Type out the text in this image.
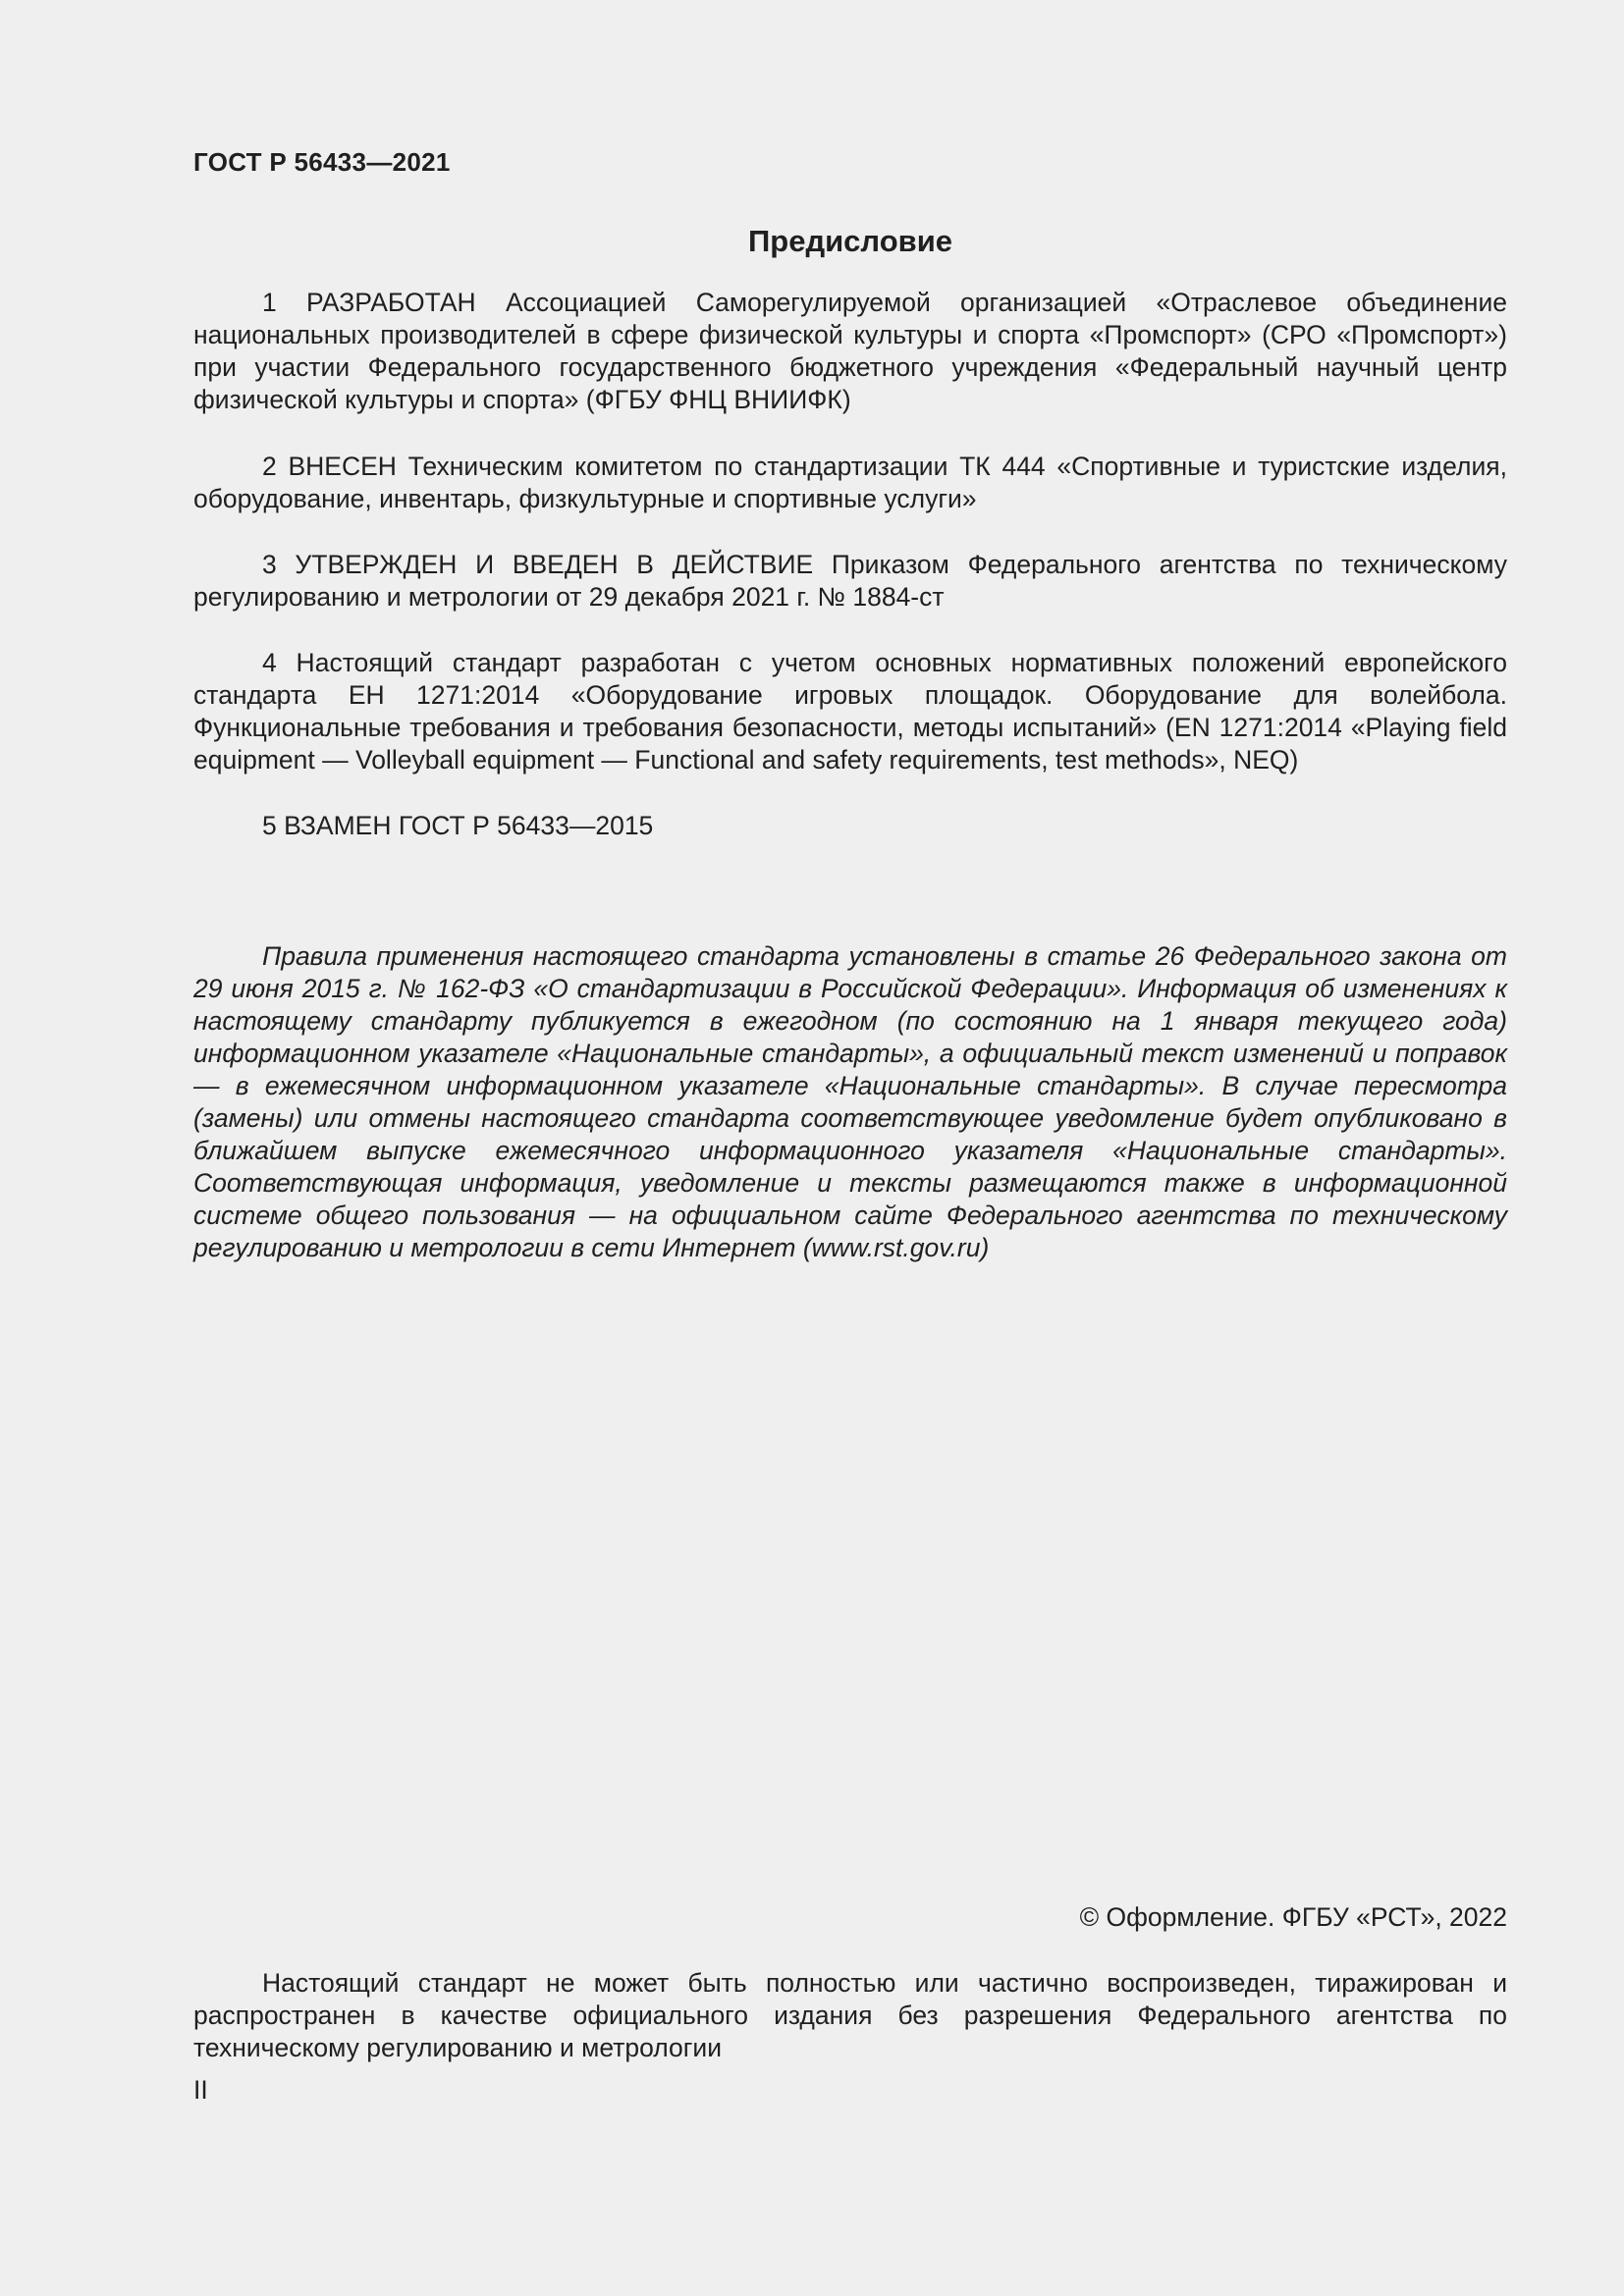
ГОСТ Р 56433—2021
Предисловие

1 РАЗРАБОТАН Ассоциацией Саморегулируемой организацией «Отраслевое объединение национальных производителей в сфере физической культуры и спорта «Промспорт» (СРО «Промспорт») при участии Федерального государственного бюджетного учреждения «Федеральный научный центр физической культуры и спорта» (ФГБУ ФНЦ ВНИИФК)

2 ВНЕСЕН Техническим комитетом по стандартизации ТК 444 «Спортивные и туристские изделия, оборудование, инвентарь, физкультурные и спортивные услуги»

3 УТВЕРЖДЕН И ВВЕДЕН В ДЕЙСТВИЕ Приказом Федерального агентства по техническому регулированию и метрологии от 29 декабря 2021 г. № 1884-ст

4 Настоящий стандарт разработан с учетом основных нормативных положений европейского стандарта ЕН 1271:2014 «Оборудование игровых площадок. Оборудование для волейбола. Функциональные требования и требования безопасности, методы испытаний» (EN 1271:2014 «Playing field equipment — Volleyball equipment — Functional and safety requirements, test methods», NEQ)

5 ВЗАМЕН ГОСТ Р 56433—2015

Правила применения настоящего стандарта установлены в статье 26 Федерального закона от 29 июня 2015 г. № 162-ФЗ «О стандартизации в Российской Федерации». Информация об изменениях к настоящему стандарту публикуется в ежегодном (по состоянию на 1 января текущего года) информационном указателе «Национальные стандарты», а официальный текст изменений и поправок — в ежемесячном информационном указателе «Национальные стандарты». В случае пересмотра (замены) или отмены настоящего стандарта соответствующее уведомление будет опубликовано в ближайшем выпуске ежемесячного информационного указателя «Национальные стандарты». Соответствующая информация, уведомление и тексты размещаются также в информационной системе общего пользования — на официальном сайте Федерального агентства по техническому регулированию и метрологии в сети Интернет (www.rst.gov.ru)

© Оформление. ФГБУ «РСТ», 2022

Настоящий стандарт не может быть полностью или частично воспроизведен, тиражирован и распространен в качестве официального издания без разрешения Федерального агентства по техническому регулированию и метрологии

II
